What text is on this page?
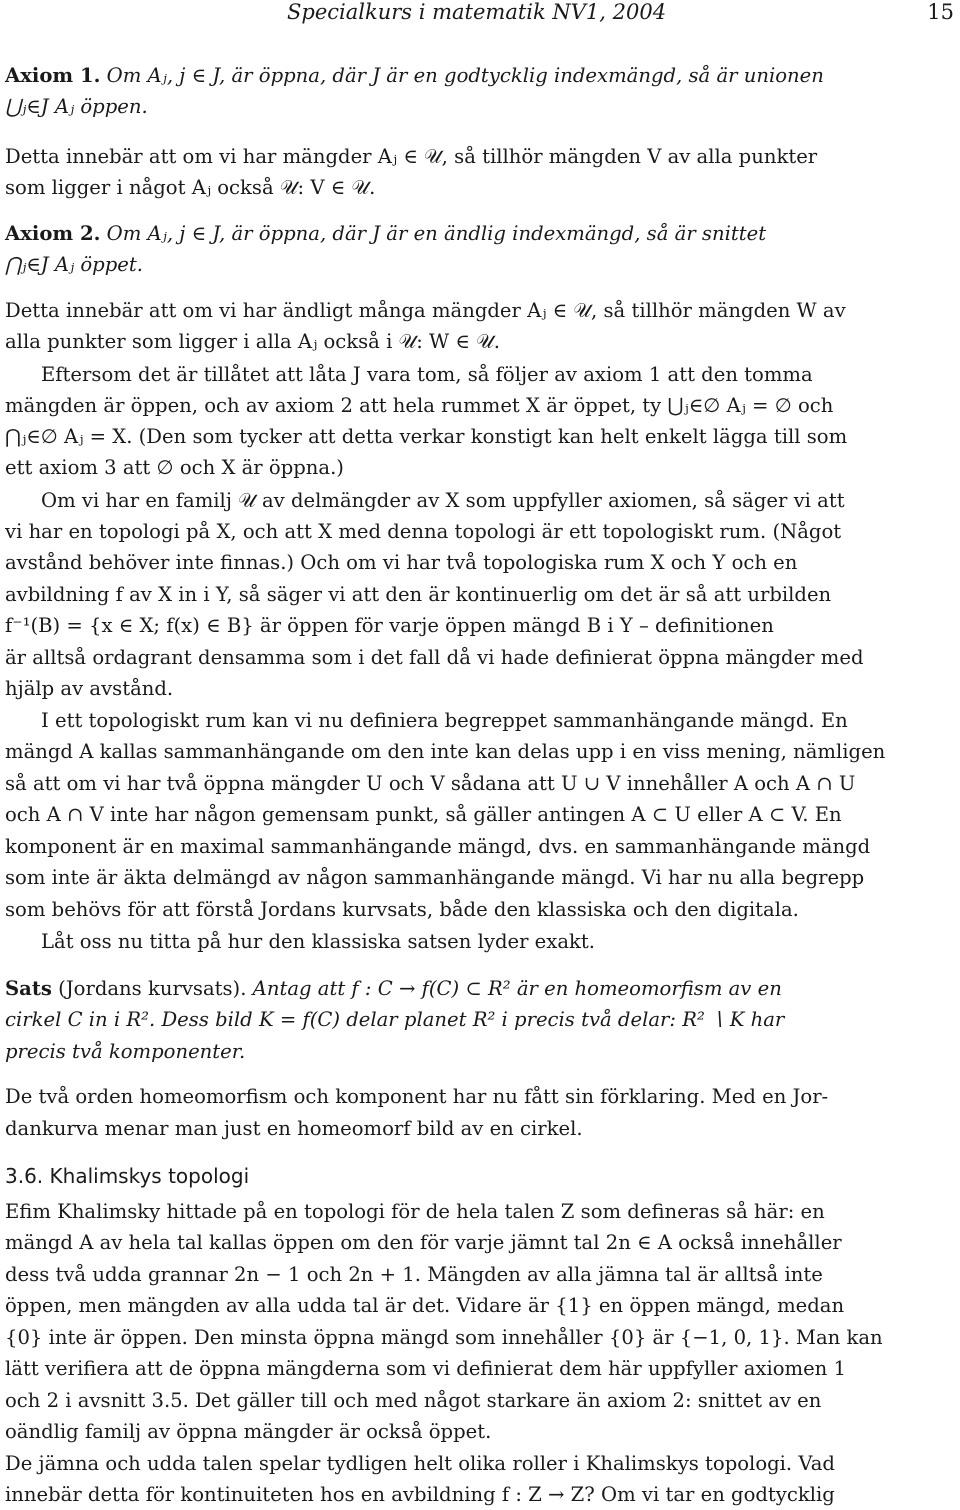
Specialkurs i matematik NV1, 2004	15
Axiom 1. Om Aⱼ, j ∈ J, är öppna, där J är en godtycklig indexmängd, så är unionen
⋃ⱼ∈J Aⱼ öppen.
Detta innebär att om vi har mängder Aⱼ ∈ 𝒰, så tillhör mängden V av alla punkter
som ligger i något Aⱼ också 𝒰: V ∈ 𝒰.
Axiom 2. Om Aⱼ, j ∈ J, är öppna, där J är en ändlig indexmängd, så är snittet
⋂ⱼ∈J Aⱼ öppet.
Detta innebär att om vi har ändligt många mängder Aⱼ ∈ 𝒰, så tillhör mängden W av
alla punkter som ligger i alla Aⱼ också i 𝒰: W ∈ 𝒰.
Eftersom det är tillåtet att låta J vara tom, så följer av axiom 1 att den tomma
mängden är öppen, och av axiom 2 att hela rummet X är öppet, ty ⋃ⱼ∈∅ Aⱼ = ∅ och
⋂ⱼ∈∅ Aⱼ = X. (Den som tycker att detta verkar konstigt kan helt enkelt lägga till som
ett axiom 3 att ∅ och X är öppna.)
Om vi har en familj 𝒰 av delmängder av X som uppfyller axiomen, så säger vi att
vi har en topologi på X, och att X med denna topologi är ett topologiskt rum. (Något
avstånd behöver inte finnas.) Och om vi har två topologiska rum X och Y och en
avbildning f av X in i Y, så säger vi att den är kontinuerlig om det är så att urbilden
f⁻¹(B) = {x ∈ X; f(x) ∈ B} är öppen för varje öppen mängd B i Y – definitionen
är alltså ordagrant densamma som i det fall då vi hade definierat öppna mängder med
hjälp av avstånd.
I ett topologiskt rum kan vi nu definiera begreppet sammanhängande mängd. En
mängd A kallas sammanhängande om den inte kan delas upp i en viss mening, nämligen
så att om vi har två öppna mängder U och V sådana att U ∪ V innehåller A och A ∩ U
och A ∩ V inte har någon gemensam punkt, så gäller antingen A ⊂ U eller A ⊂ V. En
komponent är en maximal sammanhängande mängd, dvs. en sammanhängande mängd
som inte är äkta delmängd av någon sammanhängande mängd. Vi har nu alla begrepp
som behövs för att förstå Jordans kurvsats, både den klassiska och den digitala.
Låt oss nu titta på hur den klassiska satsen lyder exakt.
Sats (Jordans kurvsats). Antag att f : C → f(C) ⊂ R² är en homeomorfism av en
cirkel C in i R². Dess bild K = f(C) delar planet R² i precis två delar: R² ∖ K har
precis två komponenter.
De två orden homeomorfism och komponent har nu fått sin förklaring. Med en Jor-
dankurva menar man just en homeomorf bild av en cirkel.
3.6. Khalimskys topologi
Efim Khalimsky hittade på en topologi för de hela talen Z som defineras så här: en
mängd A av hela tal kallas öppen om den för varje jämnt tal 2n ∈ A också innehåller
dess två udda grannar 2n − 1 och 2n + 1. Mängden av alla jämna tal är alltså inte
öppen, men mängden av alla udda tal är det. Vidare är {1} en öppen mängd, medan
{0} inte är öppen. Den minsta öppna mängd som innehåller {0} är {−1, 0, 1}. Man kan
lätt verifiera att de öppna mängderna som vi definierat dem här uppfyller axiomen 1
och 2 i avsnitt 3.5. Det gäller till och med något starkare än axiom 2: snittet av en
oändlig familj av öppna mängder är också öppet.
De jämna och udda talen spelar tydligen helt olika roller i Khalimskys topologi. Vad
innebär detta för kontinuiteten hos en avbildning f : Z → Z? Om vi tar en godtycklig
